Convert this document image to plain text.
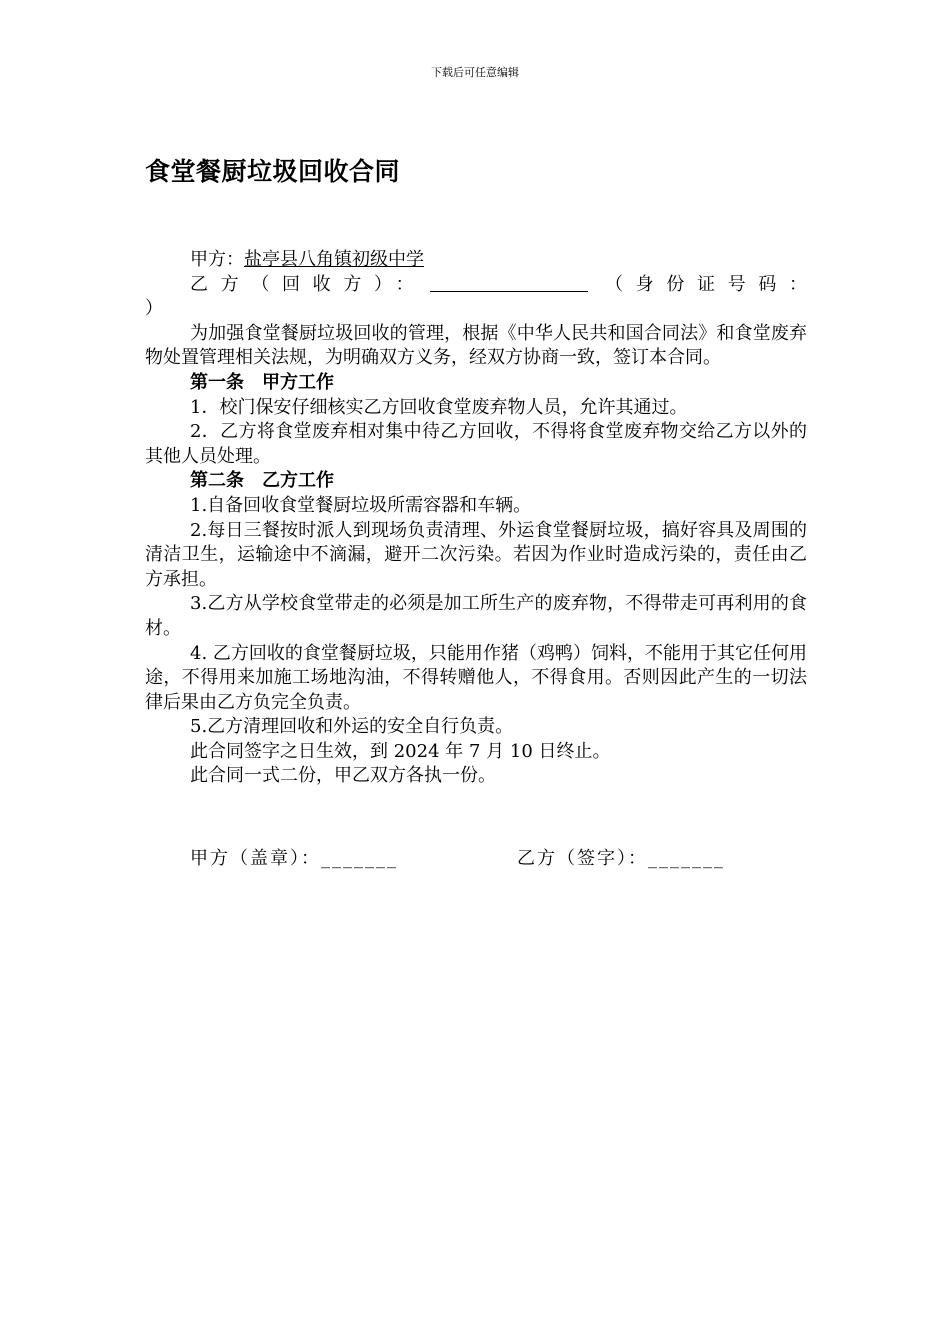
下载后可任意编辑
食堂餐厨垃圾回收合同

甲方：盐亭县八角镇初级中学

乙方（回收方）：	（身份证号码：

）

为加强食堂餐厨垃圾回收的管理，根据《中华人民共和国合同法》和食堂废弃物处置管理相关法规，为明确双方义务，经双方协商一致，签订本合同。

第一条　甲方工作

1．校门保安仔细核实乙方回收食堂废弃物人员，允许其通过。

2．乙方将食堂废弃相对集中待乙方回收，不得将食堂废弃物交给乙方以外的其他人员处理。

第二条　乙方工作

1.自备回收食堂餐厨垃圾所需容器和车辆。

2.每日三餐按时派人到现场负责清理、外运食堂餐厨垃圾，搞好容具及周围的清洁卫生，运输途中不滴漏，避开二次污染。若因为作业时造成污染的，责任由乙方承担。

3.乙方从学校食堂带走的必须是加工所生产的废弃物，不得带走可再利用的食材。

4. 乙方回收的食堂餐厨垃圾，只能用作猪（鸡鸭）饲料，不能用于其它任何用途，不得用来加施工场地沟油，不得转赠他人，不得食用。否则因此产生的一切法律后果由乙方负完全负责。

5.乙方清理回收和外运的安全自行负责。

此合同签字之日生效，到 2024 年 7 月 10 日终止。

此合同一式二份，甲乙双方各执一份。

甲方（盖章）：_______

	乙方（签字）：_______
